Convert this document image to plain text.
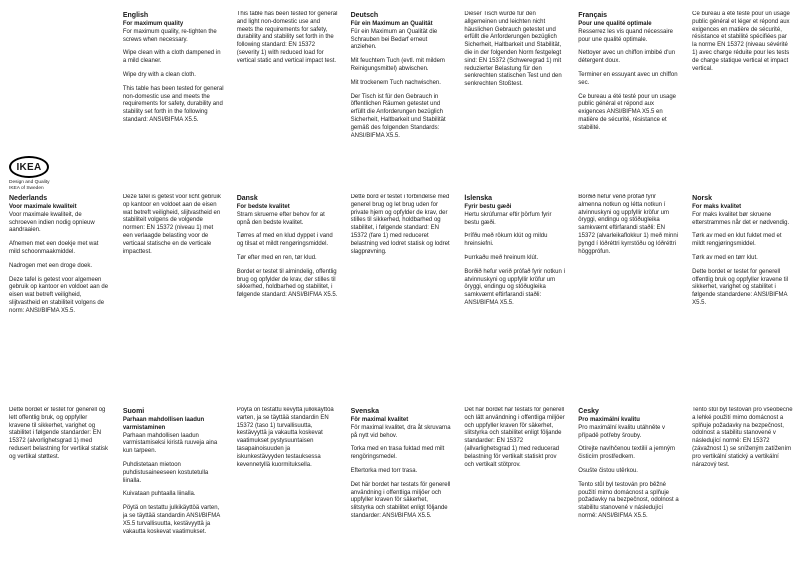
IKEA
Design and Quality
IKEA of Sweden
English
For maximum quality

For maximum quality, re-tighten the screws when necessary.

Wipe clean with a cloth dampened in a mild cleaner.

Wipe dry with a clean cloth.

This table has been tested for general non-domestic use and meets the requirements for safety, durability and stability set forth in the following standard: ANSI/BIFMA X5.5.

This table has been tested for general and light non-domestic use and meets the requirements for safety, durability and stability set forth in the following standard: EN 15372 (severity 1) with reduced load for vertical static and vertical impact test.

Deutsch
Für ein Maximum an Qualität

Für ein Maximum an Qualität die Schrauben bei Bedarf erneut anziehen.

Mit feuchtem Tuch (evtl. mit mildem Reinigungsmittel) abwischen.

Mit trockenem Tuch nachwischen.

Der Tisch ist für den Gebrauch in öffentlichen Räumen getestet und erfüllt die Anforderungen bezüglich Sicherheit, Haltbarkeit und Stabilität gemäß des folgenden Standards: ANSI/BIFMA X5.5.

Dieser Tisch wurde für den allgemeinen und leichten nicht häuslichen Gebrauch getestet und erfüllt die Anforderungen bezüglich Sicherheit, Haltbarkeit und Stabilität, die in der folgenden Norm festgelegt sind: EN 15372 (Schweregrad 1) mit reduzierter Belastung für den senkrechten statischen Test und den senkrechten Stoßtest.

Français
Pour une qualité optimale

Resserrez les vis quand nécessaire pour une qualité optimale.

Nettoyer avec un chiffon imbibé d'un détergent doux.

Terminer en essuyant avec un chiffon sec.

Ce bureau a été testé pour un usage public général et répond aux exigences ANSI/BIFMA X5.5 en matière de sécurité, résistance et stabilité.

Ce bureau a été testé pour un usage public général et léger et répond aux exigences en matière de sécurité, résistance et stabilité spécifiées par la norme EN 15372 (niveau sévérité 1) avec charge réduite pour les tests de charge statique vertical et impact vertical.

Nederlands
Voor maximale kwaliteit

Voor maximale kwaliteit, de schroeven indien nodig opnieuw aandraaien.

Afnemen met een doekje met wat mild schoonmaakmiddel.

Nadrogen met een droge doek.

Deze tafel is getest voor algemeen gebruik op kantoor en voldoet aan de eisen wat betreft veiligheid, slijtvastheid en stabiliteit volgens de norm: ANSI/BIFMA X5.5.

Deze tafel is getest voor licht gebruik op kantoor en voldoet aan de eisen wat betreft veiligheid, slijtvastheid en stabiliteit volgens de volgende normen: EN 15372 (niveau 1) met een verlaagde belasting voor de verticaal statische en de verticale impacttest.

Dansk
For bedste kvalitet

Stram skruerne efter behov for at opnå den bedste kvalitet.

Tørres af med en klud dyppet i vand og tilsat et mildt rengøringsmiddel.

Tør efter med en ren, tør klud.

Bordet er testet til almindelig, offentlig brug og opfylder de krav, der stilles til sikkerhed, holdbarhed og stabilitet, i følgende standard: ANSI/BIFMA X5.5.

Dette bord er testet i forbindelse med generel brug og let brug uden for private hjem og opfylder de krav, der stilles til sikkerhed, holdbarhed og stabilitet, i følgende standard: EN 15372 (fare 1) med reduceret belastning ved lodret statisk og lodret slagprøvning.

Íslenska
Fyrir bestu gæði

Hertu skrúfurnar eftir þörfum fyrir bestu gæði.

Þrífðu með rökum klút og mildu hreinsiefni.

Þurrkaðu með hreinum klút.

Borðið hefur verið prófað fyrir notkun í atvinnuskyni og uppfyllir kröfur um öryggi, endingu og stöðugleika samkvæmt eftirfarandi staðli: ANSI/BIFMA X5.5.

Borðið hefur verið prófað fyrir almenna notkun og létta notkun í atvinnuskyni og uppfyllir kröfur um öryggi, endingu og stöðugleika samkvæmt eftirfarandi staðli: EN 15372 (alvarleikaflokkur 1) með minni þyngd í lóðréttri kyrrstöðu og lóðréttri höggprófun.

Norsk
For maks kvalitet

For maks kvalitet bør skruene etterstrammes når det er nødvendig.

Tørk av med en klut fuktet med et mildt rengjøringsmiddel.

Tørk av med en tørr klut.

Dette bordet er testet for generell offentlig bruk og oppfyller kravene til sikkerhet, varighet og stabilitet i følgende standardene: ANSI/BIFMA X5.5.

Dette bordet er testet for generell og lett offentlig bruk, og oppfyller kravene til sikkerhet, varighet og stabilitet i følgende standarder: EN 15372 (alvorlighetsgrad 1) med redusert belastning for vertikal statisk og vertikal støttest.

Suomi
Parhaan mahdollisen laadun varmistaminen

Parhaan mahdollisen laadun varmistamiseksi kiristä ruuveja aina kun tarpeen.

Puhdistetaan mietoon puhdistusaineeseen kostutetulla liinalla.

Kuivataan puhtaalla liinalla.

Pöytä on testattu julkikäyttöä varten, ja se täyttää standardin ANSI/BIFMA X5.5 turvallisuutta, kestävyyttä ja vakautta koskevat vaatimukset.

Pöytä on testattu kevyttä julkikäyttöä varten, ja se täyttää standardin EN 15372 (taso 1) turvallisuutta, kestävyyttä ja vakautta koskevat vaatimukset pystysuuntaisen tasapainoisuuden ja iskunkestävyyden testauksessa kevennetyllä kuormituksella.

Svenska
För maximal kvalitet

För maximal kvalitet, dra åt skruvarna på nytt vid behov.

Torka med en trasa fuktad med milt rengöringsmedel.

Eftertorka med torr trasa.

Det här bordet har testats för generell användning i offentliga miljöer och uppfyller kraven för säkerhet, slitstyrka och stabilitet enligt följande standarder: ANSI/BIFMA X5.5.

Det här bordet har testats för generell och lätt användning i offentliga miljöer och uppfyller kraven för säkerhet, slitstyrka och stabilitet enligt följande standarder: EN 15372 (allvarlighetsgrad 1) med reducerad belastning för vertikalt statiskt prov och vertikalt stötprov.

Česky
Pro maximální kvalitu

Pro maximální kvalitu utáhněte v případě potřeby šrouby.

Otírejte navlhčenou textilií a jemným čisticím prostředkem.

Osušte čistou utěrkou.

Tento stůl byl testován pro běžné použití mimo domácnost a splňuje požadavky na bezpečnost, odolnost a stabilitu stanovené v následující normě: ANSI/BIFMA X5.5.

Tento stůl byl testován pro všeobecné a lehké použití mimo domácnost a splňuje požadavky na bezpečnost, odolnost a stabilitu stanovené v následující normě: EN 15372 (závažnost 1) se sníženým zatížením pro vertikální statický a vertikální nárazový test.
